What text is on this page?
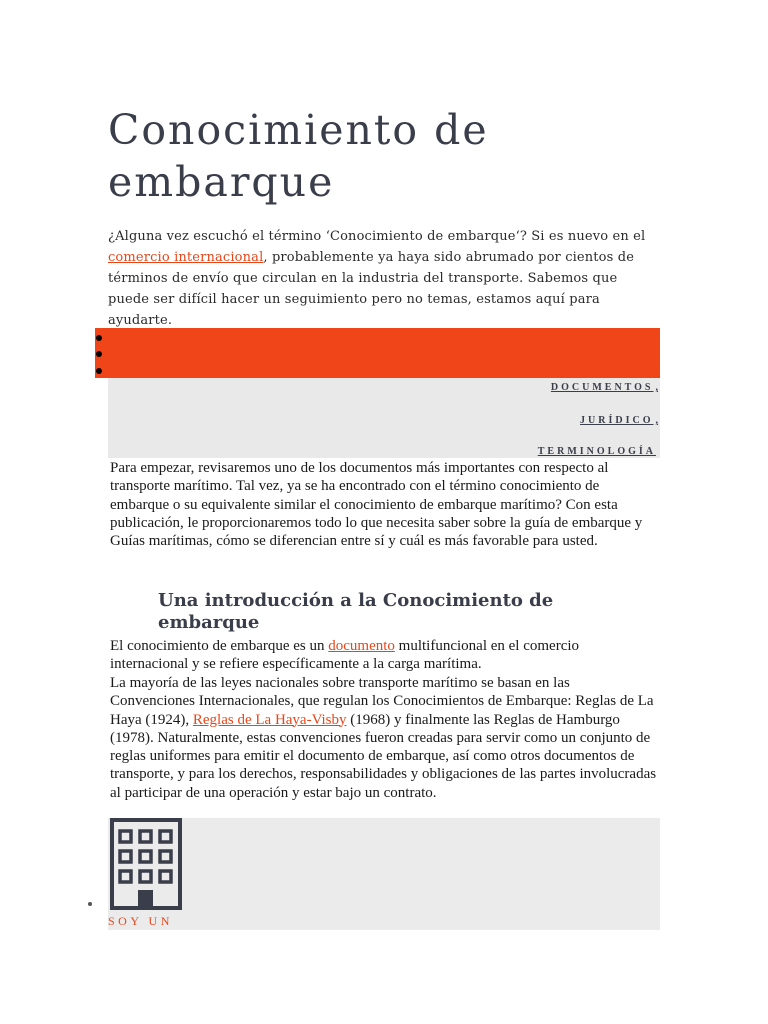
Conocimiento de embarque

¿Alguna vez escuchó el término ‘Conocimiento de embarque‘? Si es nuevo en el comercio internacional, probablemente ya haya sido abrumado por cientos de términos de envío que circulan en la industria del transporte. Sabemos que puede ser difícil hacer un seguimiento pero no temas, estamos aquí para ayudarte.

DOCUMENTOS ,
JURÍDICO ,
TERMINOLOGÍA

Para empezar, revisaremos uno de los documentos más importantes con respecto al transporte marítimo. Tal vez, ya se ha encontrado con el término conocimiento de embarque o su equivalente similar el conocimiento de embarque marítimo? Con esta publicación, le proporcionaremos todo lo que necesita saber sobre la guía de embarque y Guías marítimas, cómo se diferencian entre sí y cuál es más favorable para usted.

Una introducción a la Conocimiento de embarque

El conocimiento de embarque es un documento multifuncional en el comercio internacional y se refiere específicamente a la carga marítima.

La mayoría de las leyes nacionales sobre transporte marítimo se basan en las Convenciones Internacionales, que regulan los Conocimientos de Embarque: Reglas de La Haya (1924), Reglas de La Haya-Visby (1968) y finalmente las Reglas de Hamburgo (1978). Naturalmente, estas convenciones fueron creadas para servir como un conjunto de reglas uniformes para emitir el documento de embarque, así como otros documentos de transporte, y para los derechos, responsabilidades y obligaciones de las partes involucradas al participar de una operación y estar bajo un contrato.

SOY UN
